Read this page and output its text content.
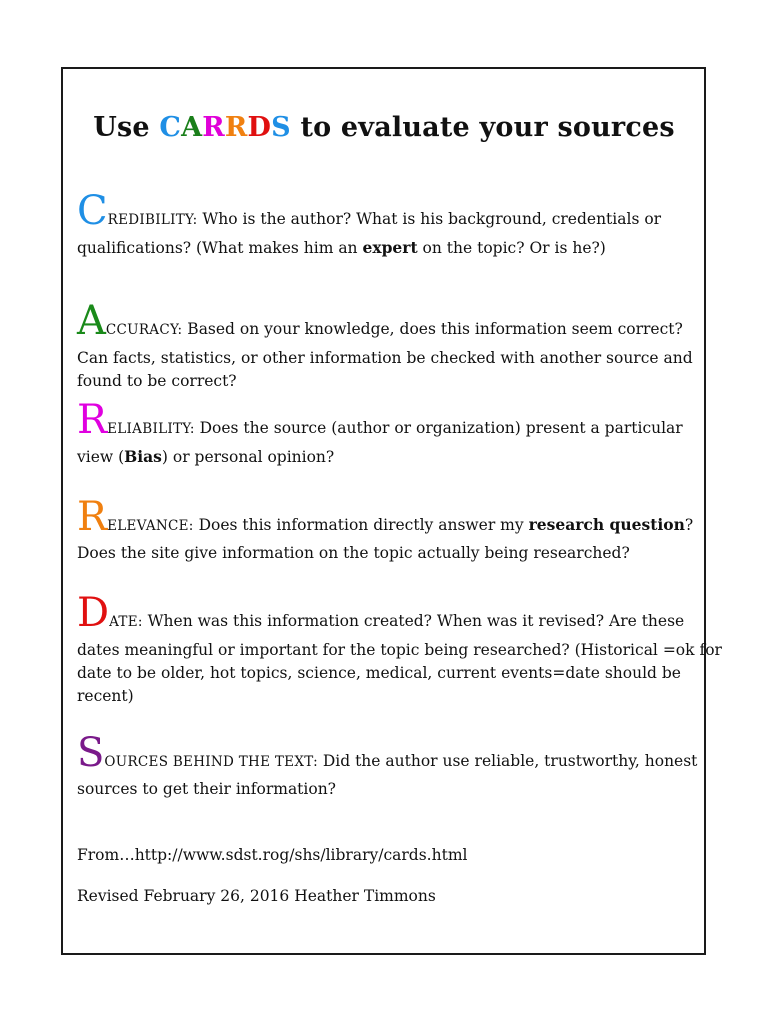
Use CARRDS to evaluate your sources

CREDIBILITY: Who is the author? What is his background, credentials or

qualifications? (What makes him an expert on the topic? Or is he?)

ACCURACY: Based on your knowledge, does this information seem correct?

Can facts, statistics, or other information be checked with another source and

found to be correct?

RELIABILITY: Does the source (author or organization) present a particular

view (Bias) or personal opinion?

RELEVANCE: Does this information directly answer my research question?

Does the site give information on the topic actually being researched?

DATE: When was this information created? When was it revised? Are these

dates meaningful or important for the topic being researched? (Historical =ok for

date to be older, hot topics, science, medical, current events=date should be

recent)

SOURCES BEHIND THE TEXT: Did the author use reliable, trustworthy, honest

sources to get their information?

From…http://www.sdst.rog/shs/library/cards.html
Revised February 26, 2016 Heather Timmons
